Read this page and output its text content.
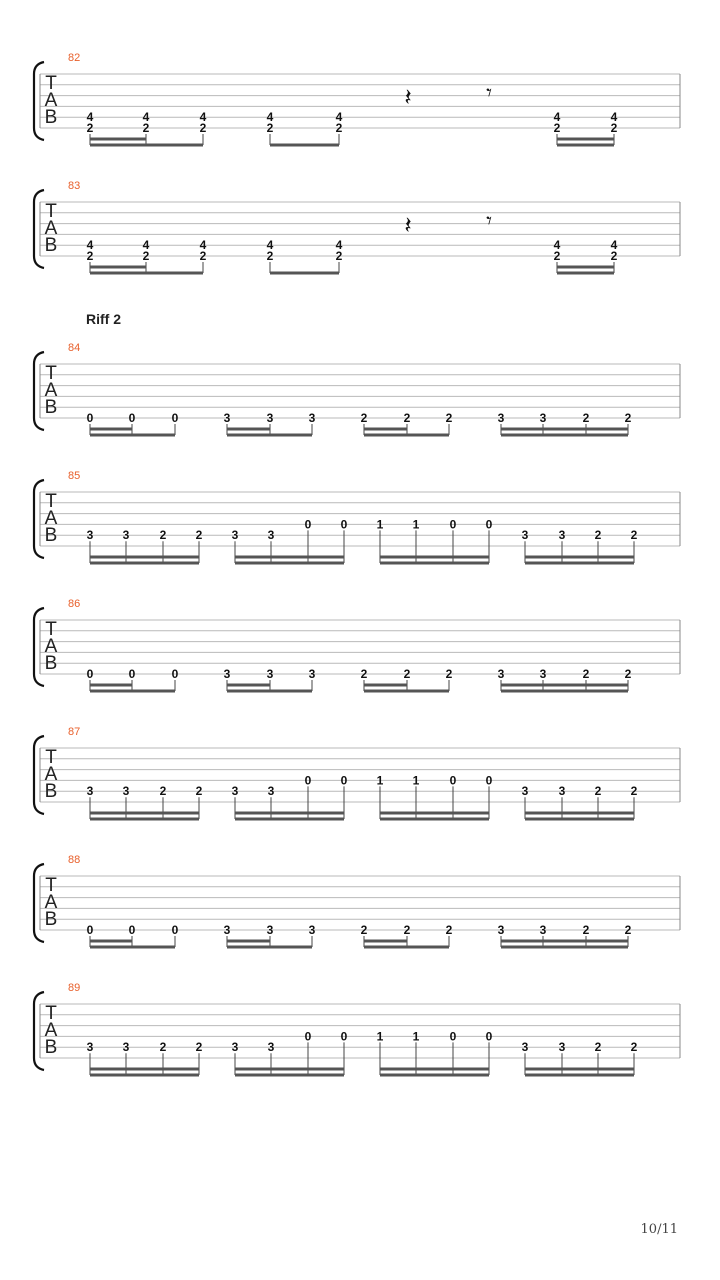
82
T
A
B 4
2
4
2
4
2
4
2
4
2
4
2
4
2
𝄽	𝄾
83
T
A
B 4
2
4
2
4
2
4
2
4
2
4
2
4
2
𝄽	𝄾
84
Riff 2
T
A
B 0	0	0	3	3	3	2	2	2	3	3	2	2
85
T
A
B 3 3	2 2 3 3
0 0 1 1	0 0
3	3 2 2
86
T
A
B 0	0	0	3	3	3	2	2	2	3	3	2	2
87
T
A
B 3 3	2 2 3 3
0 0 1 1	0 0
3	3 2 2
88
T
A
B 0	0	0	3	3	3	2	2	2	3	3	2	2
89
T
A
B 3 3	2 2 3 3
0 0 1 1	0 0
3	3 2 2
10/11
